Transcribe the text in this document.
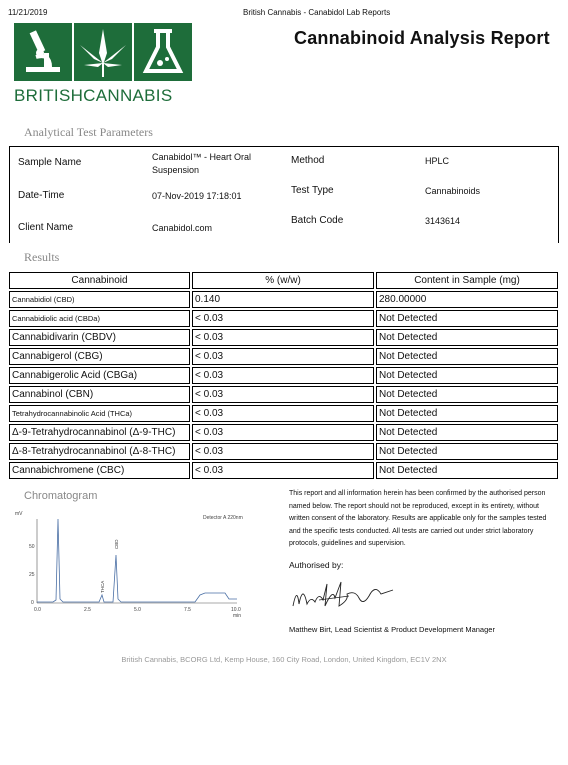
11/21/2019	British Cannabis - Canabidol Lab Reports
BRITISHCANNABIS
Cannabinoid Analysis Report
Analytical Test Parameters
Sample Name	Canabidol™ - Heart Oral Suspension
Date-Time	07-Nov-2019 17:18:01
Client Name	Canabidol.com
Method	HPLC
Test Type	Cannabinoids
Batch Code	3143614
Results
Cannabinoid	% (w/w)	Content in Sample (mg)
Cannabidiol (CBD)	0.140	280.00000
Cannabidiolic acid (CBDa)	< 0.03	Not Detected
Cannabidivarin (CBDV)	< 0.03	Not Detected
Cannabigerol (CBG)	< 0.03	Not Detected
Cannabigerolic Acid (CBGa)	< 0.03	Not Detected
Cannabinol (CBN)	< 0.03	Not Detected
Tetrahydrocannabinolic Acid (THCa)	< 0.03	Not Detected
Δ-9-Tetrahydrocannabinol (Δ-9-THC)	< 0.03	Not Detected
Δ-8-Tetrahydrocannabinol (Δ-8-THC)	< 0.03	Not Detected
Cannabichromene (CBC)	< 0.03	Not Detected
Chromatogram
mV
Detector A 220nm
50
25
0
0.0	2.5	5.0	7.5	10.0
min
CBD
THCA
This report and all information herein has been confirmed by the authorised person named below. The report should not be reproduced, except in its entirety, without written consent of the laboratory. Results are applicable only for the samples tested and the specific tests conducted. All tests are carried out under strict laboratory protocols, guidelines and supervision.
Authorised by:
Matthew Birt, Lead Scientist & Product Development Manager
British Cannabis, BCORG Ltd, Kemp House, 160 City Road, London, United Kingdom, EC1V 2NX
